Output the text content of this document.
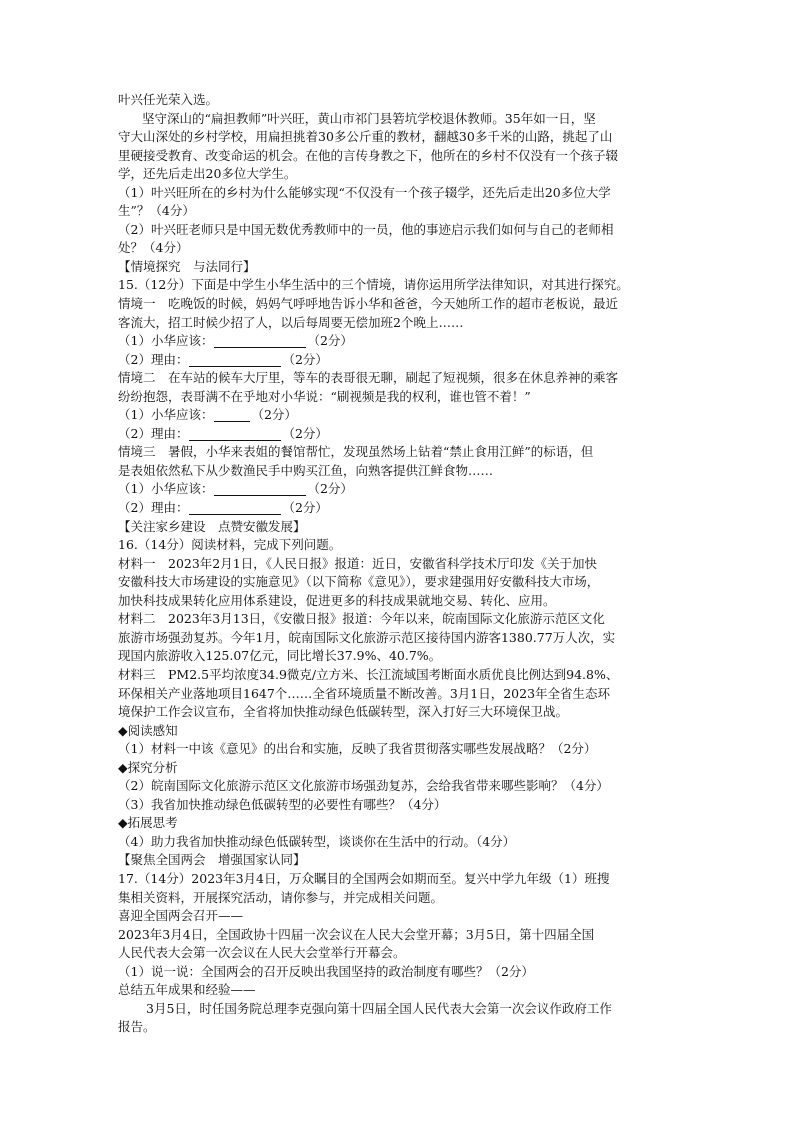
叶兴任光荣入选。
坚守深山的“扁担教师”叶兴旺，黄山市祁门县箬坑学校退休教师。35年如一日，坚
守大山深处的乡村学校，用扁担挑着30多公斤重的教材，翻越30多千米的山路，挑起了山
里硬接受教育、改变命运的机会。在他的言传身教之下，他所在的乡村不仅没有一个孩子辍
学，还先后走出20多位大学生。
（1）叶兴旺所在的乡村为什么能够实现“不仅没有一个孩子辍学，还先后走出20多位大学
生”？（4分）
（2）叶兴旺老师只是中国无数优秀教师中的一员，他的事迹启示我们如何与自己的老师相
处？（4分）
【情境探究　与法同行】
15.（12分）下面是中学生小华生活中的三个情境，请你运用所学法律知识，对其进行探究。
情境一　吃晚饭的时候，妈妈气呼呼地告诉小华和爸爸，今天她所工作的超市老板说，最近
客流大，招工时候少招了人，以后每周要无偿加班2个晚上……
（1）小华应该：	（2分）
（2）理由：	（2分）
情境二　在车站的候车大厅里，等车的表哥很无聊，刷起了短视频，很多在休息养神的乘客
纷纷抱怨，表哥满不在乎地对小华说：“刷视频是我的权利，谁也管不着！”
（1）小华应该：	（2分）
（2）理由：	（2分）
情境三　暑假，小华来表姐的餐馆帮忙，发现虽然场上钻着“禁止食用江鲜”的标语，但
是表姐依然私下从少数渔民手中购买江鱼，向熟客提供江鲜食物……
（1）小华应该：	（2分）
（2）理由：	（2分）
【关注家乡建设　点赞安徽发展】
16.（14分）阅读材料，完成下列问题。
材料一　2023年2月1日，《人民日报》报道：近日，安徽省科学技术厅印发《关于加快
安徽科技大市场建设的实施意见》（以下简称《意见》），要求建强用好安徽科技大市场，
加快科技成果转化应用体系建设，促进更多的科技成果就地交易、转化、应用。
材料二　2023年3月13日，《安徽日报》报道：今年以来，皖南国际文化旅游示范区文化
旅游市场强劲复苏。今年1月，皖南国际文化旅游示范区接待国内游客1380.77万人次，实
现国内旅游收入125.07亿元，同比增长37.9%、40.7%。
材料三　PM2.5平均浓度34.9微克/立方米、长江流域国考断面水质优良比例达到94.8%、
环保相关产业落地项目1647个……全省环境质量不断改善。3月1日，2023年全省生态环
境保护工作会议宣布，全省将加快推动绿色低碳转型，深入打好三大环境保卫战。
◆阅读感知
（1）材料一中该《意见》的出台和实施，反映了我省贯彻落实哪些发展战略？（2分）
◆探究分析
（2）皖南国际文化旅游示范区文化旅游市场强劲复苏，会给我省带来哪些影响？（4分）
（3）我省加快推动绿色低碳转型的必要性有哪些？（4分）
◆拓展思考
（4）助力我省加快推动绿色低碳转型，谈谈你在生活中的行动。（4分）
【聚焦全国两会　增强国家认同】
17.（14分）2023年3月4日，万众瞩目的全国两会如期而至。复兴中学九年级（1）班搜
集相关资料，开展探究活动，请你参与，并完成相关问题。
喜迎全国两会召开——
2023年3月4日，全国政协十四届一次会议在人民大会堂开幕；3月5日，第十四届全国
人民代表大会第一次会议在人民大会堂举行开幕会。
（1）说一说：全国两会的召开反映出我国坚持的政治制度有哪些？（2分）
总结五年成果和经验——
3月5日，时任国务院总理李克强向第十四届全国人民代表大会第一次会议作政府工作
报告。
